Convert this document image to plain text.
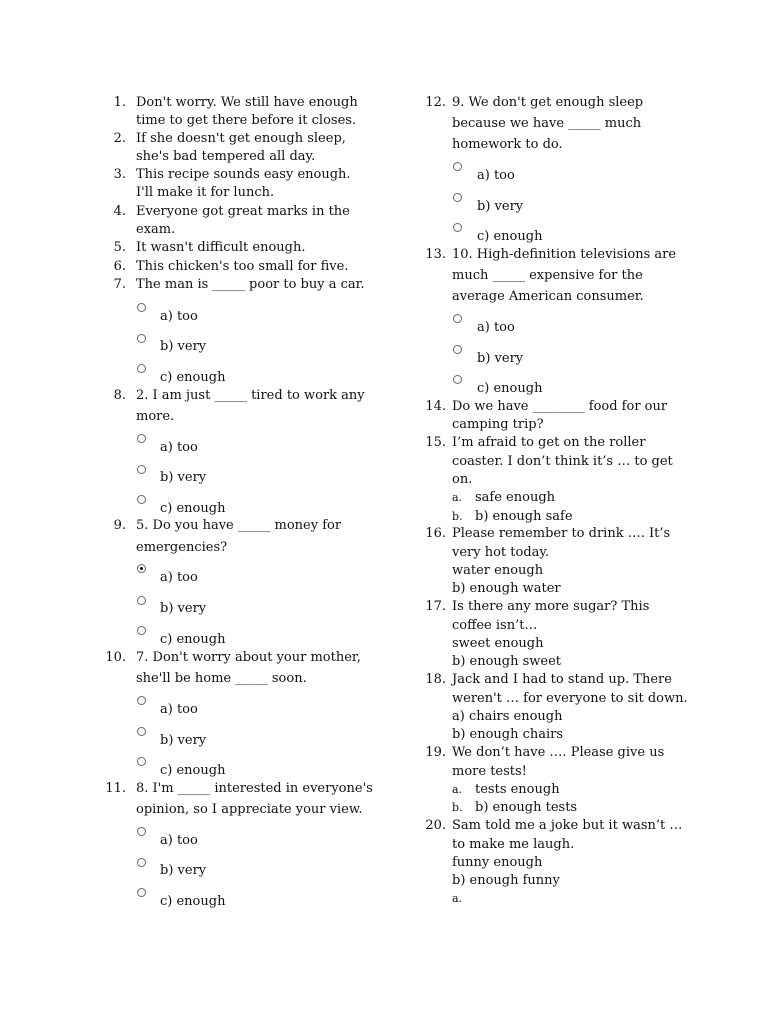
1. Don't worry. We still have enough
time to get there before it closes.
2. If she doesn't get enough sleep,
she's bad tempered all day.
3. This recipe sounds easy enough.
I'll make it for lunch.
4. Everyone got great marks in the
exam.
5. It wasn't difficult enough.
6. This chicken's too small for five.
7. The man is _____ poor to buy a car.
a) too
b) very
c) enough
8. 2. I am just _____ tired to work any
more.
a) too
b) very
c) enough
9. 5. Do you have _____ money for
emergencies?
a) too
b) very
c) enough
10. 7. Don't worry about your mother,
she'll be home _____ soon.
a) too
b) very
c) enough
11. 8. I'm _____ interested in everyone's
opinion, so I appreciate your view.
a) too
b) very
c) enough
12. 9. We don't get enough sleep
because we have _____ much
homework to do.
a) too
b) very
c) enough
13. 10. High-definition televisions are
much _____ expensive for the
average American consumer.
a) too
b) very
c) enough
14. Do we have ________ food for our
camping trip?
15. I’m afraid to get on the roller
coaster. I don’t think it’s … to get
on.
a. safe enough
b. b) enough safe
16. Please remember to drink …. It’s
very hot today.
water enough
b) enough water
17. Is there any more sugar? This
coffee isn’t…
sweet enough
b) enough sweet
18. Jack and I had to stand up. There
weren't … for everyone to sit down.
a) chairs enough
b) enough chairs
19. We don’t have …. Please give us
more tests!
a. tests enough
b. b) enough tests
20. Sam told me a joke but it wasn’t …
to make me laugh.
funny enough
b) enough funny
a.
